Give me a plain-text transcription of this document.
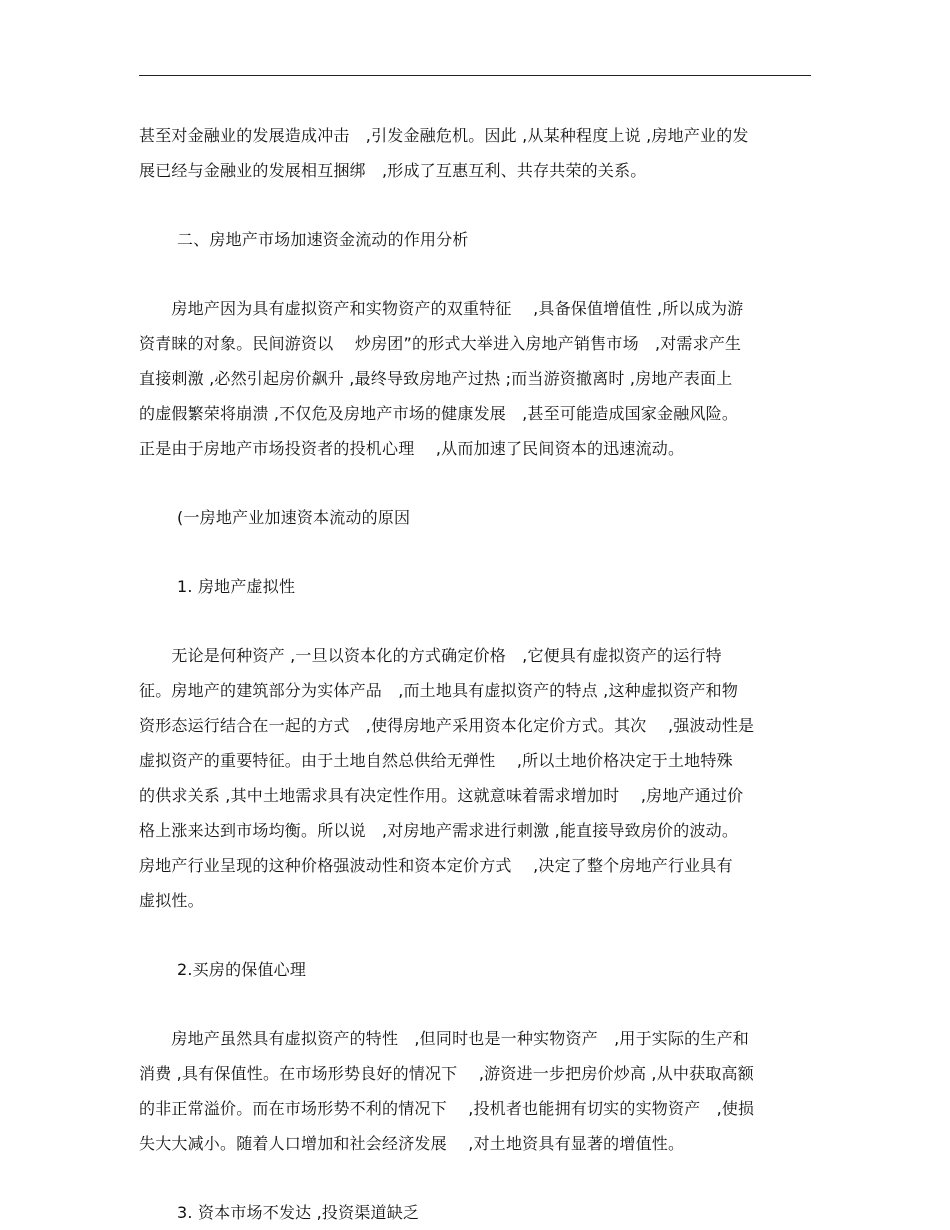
甚至对金融业的发展造成冲击　,引发金融危机。因此 ,从某种程度上说 ,房地产业的发

展已经与金融业的发展相互捆绑　,形成了互惠互利、共存共荣的关系。

二、房地产市场加速资金流动的作用分析

　　房地产因为具有虚拟资产和实物资产的双重特征　 ,具备保值增值性 ,所以成为游

资青睐的对象。民间游资以　 炒房团”的形式大举进入房地产销售市场　,对需求产生

直接刺激 ,必然引起房价飙升 ,最终导致房地产过热 ;而当游资撤离时 ,房地产表面上

的虚假繁荣将崩溃 ,不仅危及房地产市场的健康发展　,甚至可能造成国家金融风险。

正是由于房地产市场投资者的投机心理　 ,从而加速了民间资本的迅速流动。

(一房地产业加速资本流动的原因

1. 房地产虚拟性

　　无论是何种资产 ,一旦以资本化的方式确定价格　,它便具有虚拟资产的运行特

征。房地产的建筑部分为实体产品　,而土地具有虚拟资产的特点 ,这种虚拟资产和物

资形态运行结合在一起的方式　,使得房地产采用资本化定价方式。其次　 ,强波动性是

虚拟资产的重要特征。由于土地自然总供给无弹性　 ,所以土地价格决定于土地特殊

的供求关系 ,其中土地需求具有决定性作用。这就意味着需求增加时　 ,房地产通过价

格上涨来达到市场均衡。所以说　,对房地产需求进行刺激 ,能直接导致房价的波动。

房地产行业呈现的这种价格强波动性和资本定价方式　 ,决定了整个房地产行业具有

虚拟性。

2.买房的保值心理

　　房地产虽然具有虚拟资产的特性　,但同时也是一种实物资产　,用于实际的生产和

消费 ,具有保值性。在市场形势良好的情况下　 ,游资进一步把房价炒高 ,从中获取高额

的非正常溢价。而在市场形势不利的情况下　 ,投机者也能拥有切实的实物资产　,使损

失大大减小。随着人口增加和社会经济发展　 ,对土地资具有显著的增值性。

3. 资本市场不发达 ,投资渠道缺乏
